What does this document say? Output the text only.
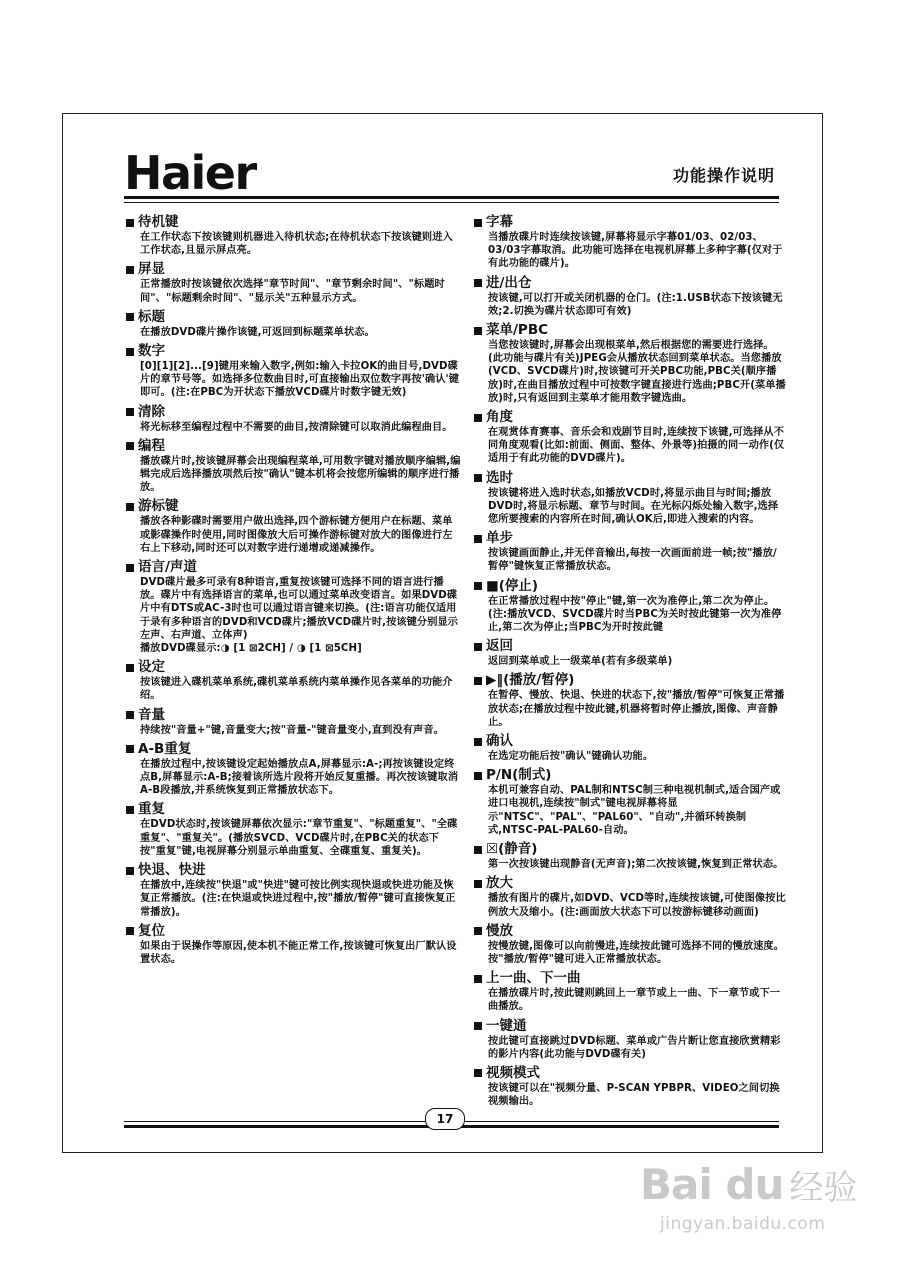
Haier	功能操作说明
待机键
在工作状态下按该键则机器进入待机状态;在待机状态下按该键则进入工作状态,且显示屏点亮。
屏显
正常播放时按该键依次选择"章节时间"、"章节剩余时间"、"标题时间"、"标题剩余时间"、"显示关"五种显示方式。
标题
在播放DVD碟片操作该键,可返回到标题菜单状态。
数字
[0][1][2]...[9]键用来输入数字,例如:输入卡拉OK的曲目号,DVD碟片的章节号等。如选择多位数曲目时,可直接输出双位数字再按'确认'键即可。(注:在PBC为开状态下播放VCD碟片时数字键无效)
清除
将光标移至编程过程中不需要的曲目,按清除键可以取消此编程曲目。
编程
播放碟片时,按该键屏幕会出现编程菜单,可用数字键对播放顺序编辑,编辑完成后选择播放项然后按"确认"键本机将会按您所编辑的顺序进行播放。
游标键
播放各种影碟时需要用户做出选择,四个游标键方便用户在标题、菜单或影碟操作时使用,同时图像放大后可操作游标键对放大的图像进行左右上下移动,同时还可以对数字进行递增或递减操作。
语言/声道
DVD碟片最多可录有8种语言,重复按该键可选择不同的语言进行播放。碟片中有选择语言的菜单,也可以通过菜单改变语言。如果DVD碟片中有DTS或AC-3时也可以通过语言键来切换。(注:语言功能仅适用于录有多种语言的DVD和VCD碟片;播放VCD碟片时,按该键分别显示左声、右声道、立体声)
播放DVD碟显示:◑ [1 ⊠2CH] / ◑ [1 ⊠5CH]
设定
按该键进入碟机菜单系统,碟机菜单系统内菜单操作见各菜单的功能介绍。
音量
持续按"音量+"键,音量变大;按"音量-"键音量变小,直到没有声音。
A-B重复
在播放过程中,按该键设定起始播放点A,屏幕显示:A-;再按该键设定终点B,屏幕显示:A-B;接着该所选片段将开始反复重播。再次按该键取消A-B段播放,并系统恢复到正常播放状态下。
重复
在DVD状态时,按该键屏幕依次显示:"章节重复"、"标题重复"、"全碟重复"、"重复关"。(播放SVCD、VCD碟片时,在PBC关的状态下按"重复"键,电视屏幕分别显示单曲重复、全碟重复、重复关)。
快退、快进
在播放中,连续按"快退"或"快进"键可按比例实现快退或快进功能及恢复正常播放。(注:在快退或快进过程中,按"播放/暂停"键可直接恢复正常播放)。
复位
如果由于误操作等原因,使本机不能正常工作,按该键可恢复出厂默认设置状态。
字幕
当播放碟片时连续按该键,屏幕将显示字幕01/03、02/03、03/03字幕取消。此功能可选择在电视机屏幕上多种字幕(仅对于有此功能的碟片)。
进/出仓
按该键,可以打开或关闭机器的仓门。(注:1.USB状态下按该键无效;2.切换为碟片状态即可有效)
菜单/PBC
当您按该键时,屏幕会出现根菜单,然后根据您的需要进行选择。(此功能与碟片有关)JPEG会从播放状态回到菜单状态。当您播放(VCD、SVCD碟片)时,按该键可开关PBC功能,PBC关(顺序播放)时,在曲目播放过程中可按数字键直接进行选曲;PBC开(菜单播放)时,只有返回到主菜单才能用数字键选曲。
角度
在观赏体育赛事、音乐会和戏剧节目时,连续按下该键,可选择从不同角度观看(比如:前面、侧面、整体、外景等)拍摄的同一动作(仅适用于有此功能的DVD碟片)。
选时
按该键将进入选时状态,如播放VCD时,将显示曲目与时间;播放DVD时,将显示标题、章节与时间。在光标闪烁处输入数字,选择您所要搜索的内容所在时间,确认OK后,即进入搜索的内容。
单步
按该键画面静止,并无伴音输出,每按一次画面前进一帧;按"播放/暂停"键恢复正常播放状态。
■(停止)
在正常播放过程中按"停止"键,第一次为准停止,第二次为停止。(注:播放VCD、SVCD碟片时当PBC为关时按此键第一次为准停止,第二次为停止;当PBC为开时按此键
返回
返回到菜单或上一级菜单(若有多级菜单)
▶‖(播放/暂停)
在暂停、慢放、快退、快进的状态下,按"播放/暂停"可恢复正常播放状态;在播放过程中按此键,机器将暂时停止播放,图像、声音静止。
确认
在选定功能后按"确认"键确认功能。
P/N(制式)
本机可兼容自动、PAL制和NTSC制三种电视机制式,适合国产或进口电视机,连续按"制式"键电视屏幕将显示"NTSC"、"PAL"、"PAL60"、"自动",并循环转换制式,NTSC-PAL-PAL60-自动。
☒(静音)
第一次按该键出现静音(无声音);第二次按该键,恢复到正常状态。
放大
播放有图片的碟片,如DVD、VCD等时,连续按该键,可使图像按比例放大及缩小。(注:画面放大状态下可以按游标键移动画面)
慢放
按慢放键,图像可以向前慢进,连续按此键可选择不同的慢放速度。按"播放/暂停"键可进入正常播放状态。
上一曲、下一曲
在播放碟片时,按此键则跳回上一章节或上一曲、下一章节或下一曲播放。
一键通
按此键可直接跳过DVD标题、菜单或广告片断让您直接欣赏精彩的影片内容(此功能与DVD碟有关)
视频模式
按该键可以在"视频分量、P-SCAN YPBPR、VIDEO之间切换视频输出。
17
Bai du 经验
jingyan.baidu.com
